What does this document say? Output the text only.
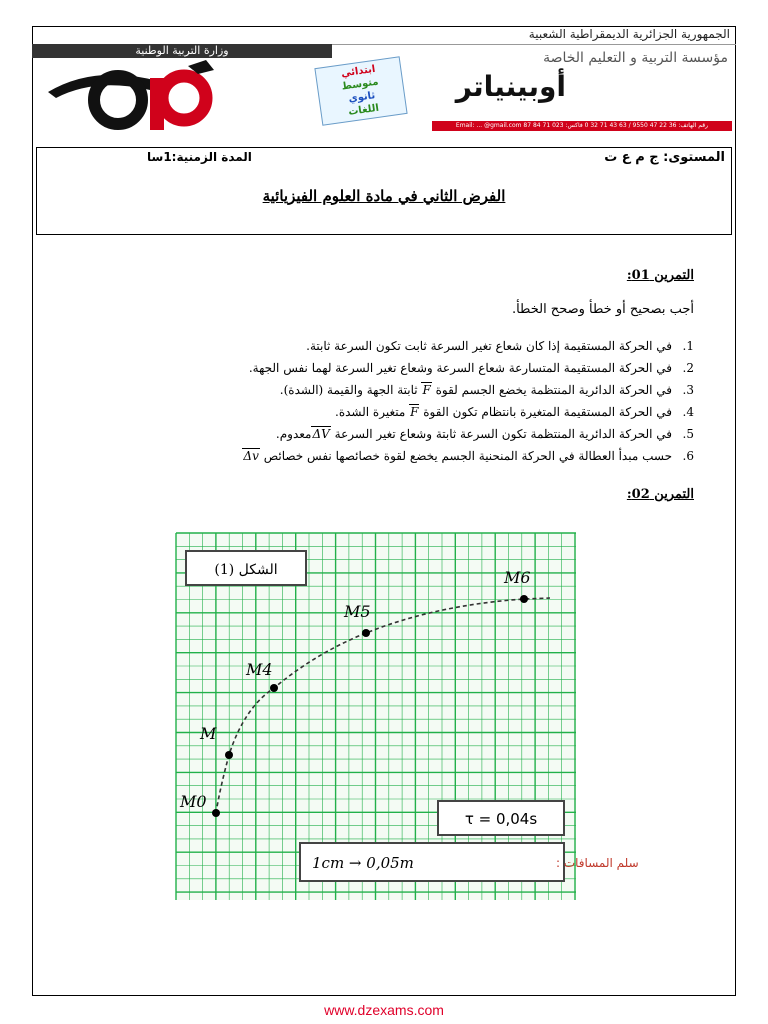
الجمهورية الجزائرية الديمقراطية الشعبية
وزارة التربية الوطنية
ابتدائي
متوسط
ثانوي
اللغات
مؤسسة التربية و التعليم الخاصة
أوبينياتر
رقم الهاتف: 36 22 47 9550 / 63 43 71 32 0 فاكس: 023 71 84 87 Email: ... @gmail.com
المستوى: ج م ع ت
المدة الزمنية:1سا
الفرض الثاني في مادة العلوم الفيزيائية
التمرين 01:
أجب بصحيح أو خطأ وصحح الخطأ.
1.في الحركة المستقيمة إذا كان شعاع تغير السرعة ثابت تكون السرعة ثابتة.
2.في الحركة المستقيمة المتسارعة شعاع السرعة وشعاع تغير السرعة لهما نفس الجهة.
3.في الحركة الدائرية المنتظمة يخضع الجسم لقوة F ثابتة الجهة والقيمة (الشدة).
4.في الحركة المستقيمة المتغيرة بانتظام تكون القوة F متغيرة الشدة.
5.في الحركة الدائرية المنتظمة تكون السرعة ثابتة وشعاع تغير السرعة ΔVمعدوم.
6.حسب مبدأ العطالة في الحركة المنحنية الجسم يخضع لقوة خصائصها نفس خصائص Δv
التمرين 02:
الشكل (1)
M0
M
M4
M5
M6
τ = 0,04s
سلم المسافات :
1cm → 0,05m
www.dzexams.com
